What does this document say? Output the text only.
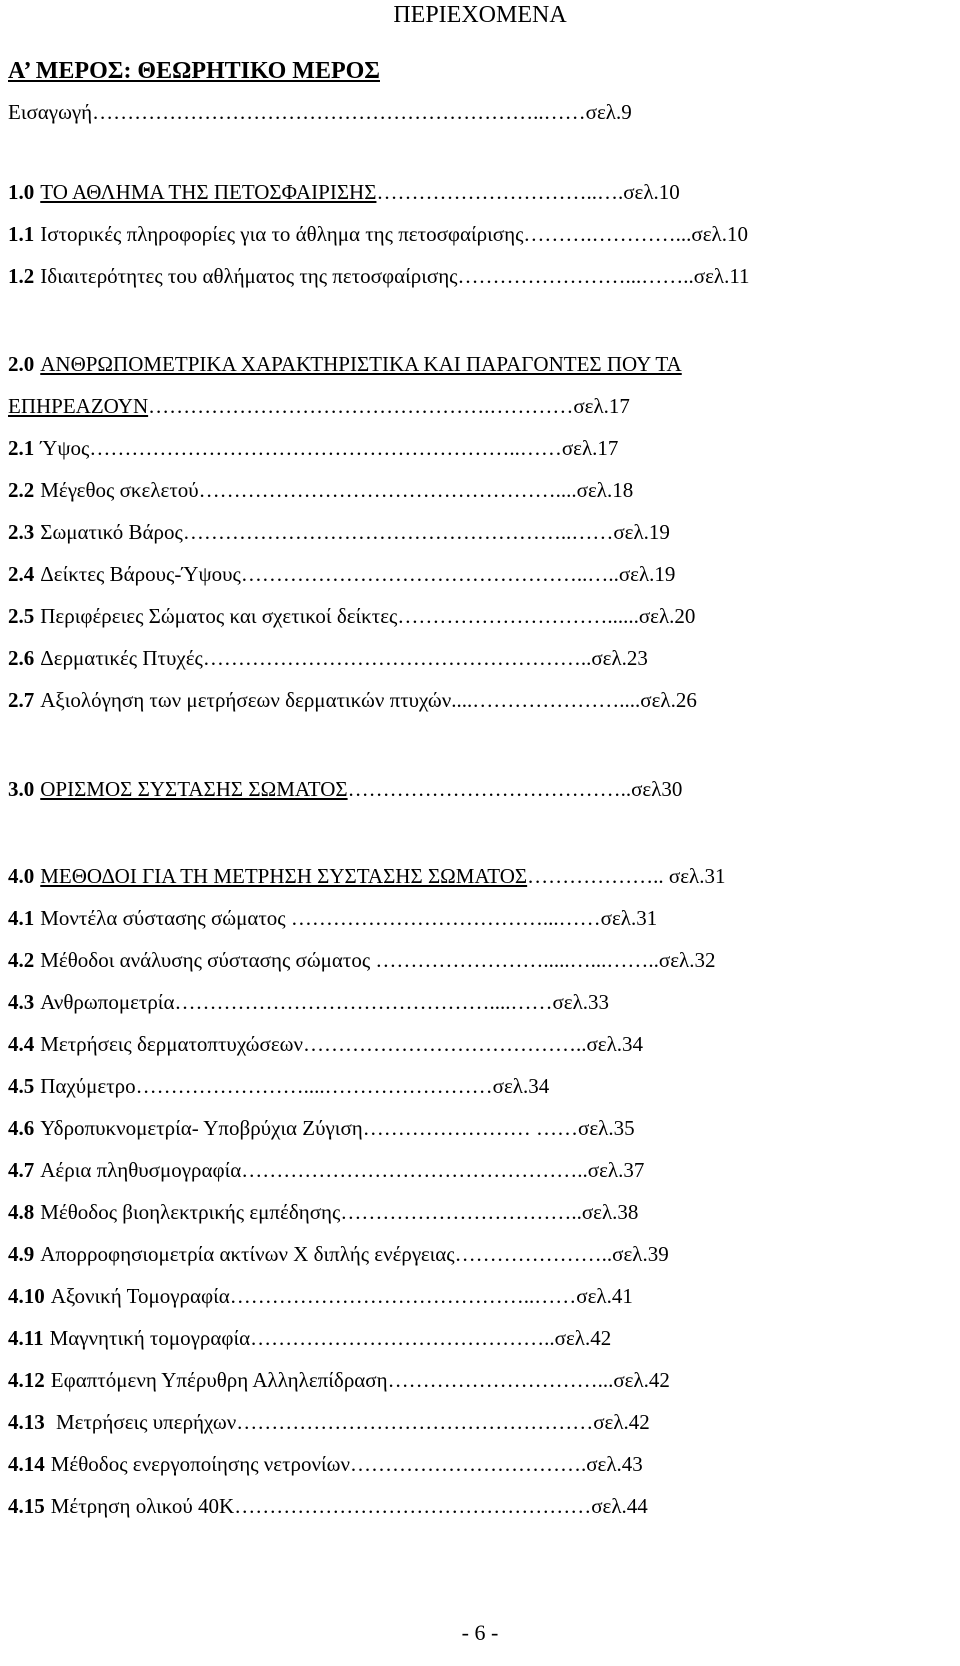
ΠΕΡΙΕΧΟΜΕΝΑ
Α’ ΜΕΡΟΣ: ΘΕΩΡΗΤΙΚΟ ΜΕΡΟΣ
Εισαγωγή………………………………………………………..……σελ.9
1.0 ΤΟ ΑΘΛΗΜΑ ΤΗΣ ΠΕΤΟΣΦΑΙΡΙΣΗΣ…………………………..….σελ.10
1.1 Ιστορικές πληροφορίες για το άθλημα της πετοσφαίρισης……….…………...σελ.10
1.2 Ιδιαιτερότητες του αθλήματος της πετοσφαίρισης……………………...……..σελ.11
2.0 ΑΝΘΡΩΠΟΜΕΤΡΙΚΑ ΧΑΡΑΚΤΗΡΙΣΤΙΚΑ ΚΑΙ ΠΑΡΑΓΟΝΤΕΣ ΠΟΥ ΤΑ
ΕΠΗΡΕΑΖΟΥΝ………………………………………….…………σελ.17
2.1 Ύψος……………………………………………………..……σελ.17
2.2 Μέγεθος σκελετού……………………………………………....σελ.18
2.3 Σωματικό Βάρος………………………………………………..……σελ.19
2.4 Δείκτες Βάρους-Ύψους…………………………………………..…..σελ.19
2.5 Περιφέρειες Σώματος και σχετικοί δείκτες…………………………......σελ.20
2.6 Δερματικές Πτυχές………………………………………………..σελ.23
2.7 Αξιολόγηση των μετρήσεων δερματικών πτυχών....…………………....σελ.26
3.0 ΟΡΙΣΜΟΣ ΣΥΣΤΑΣΗΣ ΣΩΜΑΤΟΣ…………………………………..σελ30
4.0 ΜΕΘΟΔΟΙ ΓΙΑ ΤΗ ΜΕΤΡΗΣΗ ΣΥΣΤΑΣΗΣ ΣΩΜΑΤΟΣ……………….. σελ.31
4.1 Μοντέλα σύστασης σώματος ………………………………...……σελ.31
4.2 Μέθοδοι ανάλυσης σύστασης σώματος …………………….....…...……..σελ.32
4.3 Ανθρωπομετρία………………………………………....……σελ.33
4.4 Μετρήσεις δερματοπτυχώσεων…………………………………..σελ.34
4.5 Παχύμετρο……………………....……………………σελ.34
4.6 Υδροπυκνομετρία- Υποβρύχια Ζύγιση…………………… ……σελ.35
4.7 Αέρια πληθυσμογραφία…………………………………………..σελ.37
4.8 Μέθοδος βιοηλεκτρικής εμπέδησης……………………………..σελ.38
4.9 Απορροφησιομετρία ακτίνων Χ διπλής ενέργειας…………………..σελ.39
4.10 Αξονική Τομογραφία……………………………………..……σελ.41
4.11 Μαγνητική τομογραφία……………………………………..σελ.42
4.12 Εφαπτόμενη Υπέρυθρη Αλληλεπίδραση…………………………...σελ.42
4.13 Μετρήσεις υπερήχων……………………………………………σελ.42
4.14 Μέθοδος ενεργοποίησης νετρονίων…………………………….σελ.43
4.15 Μέτρηση ολικού 40Κ……………………………………………σελ.44
- 6 -
